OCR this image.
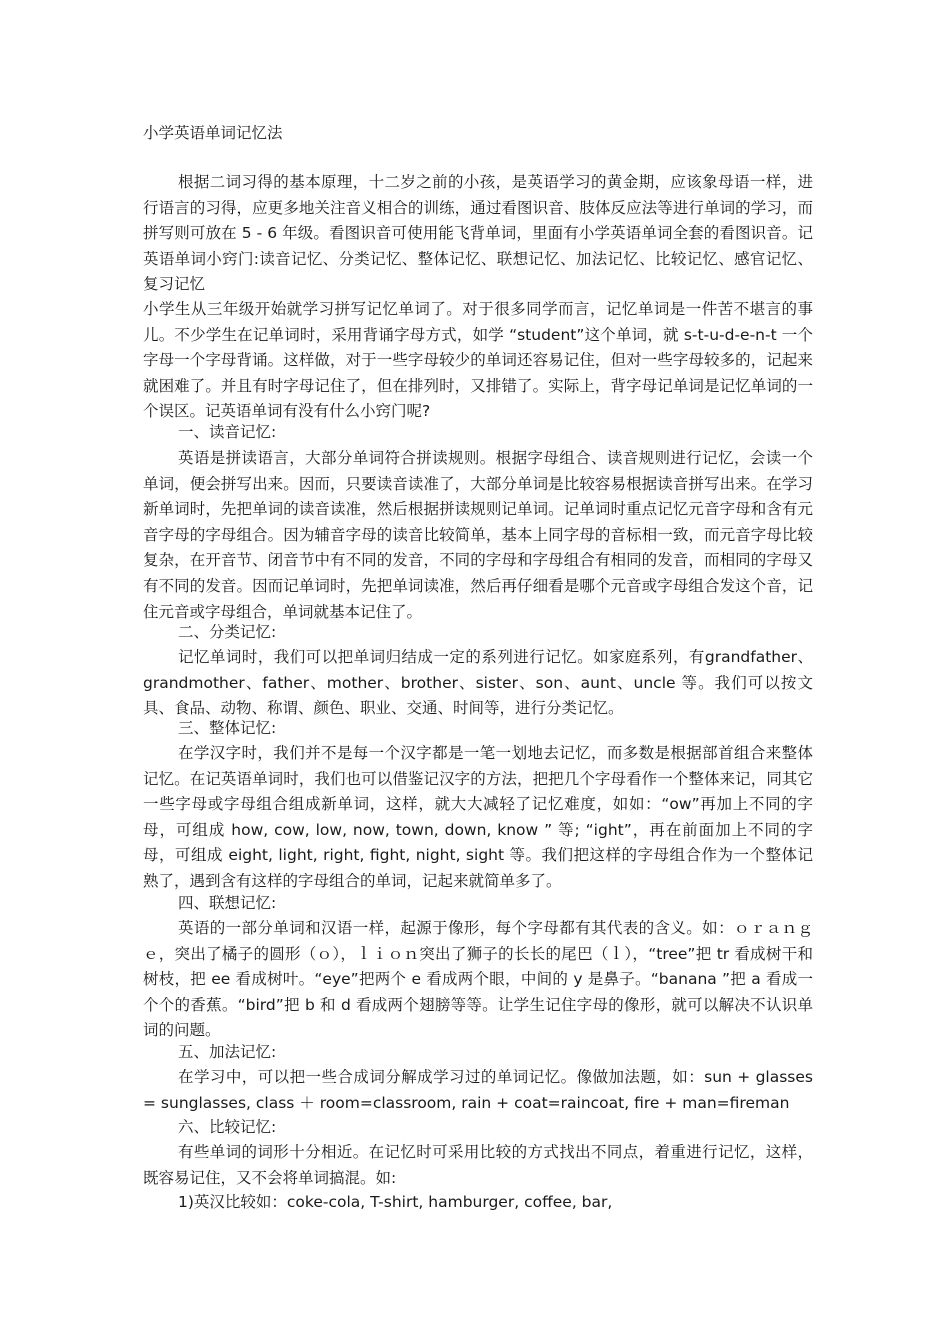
小学英语单词记忆法

根据二词习得的基本原理，十二岁之前的小孩，是英语学习的黄金期，应该象母语一样，进行语言的习得，应更多地关注音义相合的训练，通过看图识音、肢体反应法等进行单词的学习，而拼写则可放在 5 - 6 年级。看图识音可使用能飞背单词，里面有小学英语单词全套的看图识音。记英语单词小窍门:读音记忆、分类记忆、整体记忆、联想记忆、加法记忆、比较记忆、感官记忆、复习记忆

小学生从三年级开始就学习拼写记忆单词了。对于很多同学而言，记忆单词是一件苦不堪言的事儿。不少学生在记单词时，采用背诵字母方式，如学 “student”这个单词，就 s-t-u-d-e-n-t 一个字母一个字母背诵。这样做，对于一些字母较少的单词还容易记住，但对一些字母较多的，记起来就困难了。并且有时字母记住了，但在排列时，又排错了。实际上，背字母记单词是记忆单词的一个误区。记英语单词有没有什么小窍门呢?

一、读音记忆:

英语是拼读语言，大部分单词符合拼读规则。根据字母组合、读音规则进行记忆，会读一个单词，便会拼写出来。因而，只要读音读准了，大部分单词是比较容易根据读音拼写出来。在学习新单词时，先把单词的读音读准，然后根据拼读规则记单词。记单词时重点记忆元音字母和含有元音字母的字母组合。因为辅音字母的读音比较简单，基本上同字母的音标相一致，而元音字母比较复杂，在开音节、闭音节中有不同的发音，不同的字母和字母组合有相同的发音，而相同的字母又有不同的发音。因而记单词时，先把单词读准，然后再仔细看是哪个元音或字母组合发这个音，记住元音或字母组合，单词就基本记住了。

二、分类记忆:

记忆单词时，我们可以把单词归结成一定的系列进行记忆。如家庭系列，有grandfather、grandmother、father、mother、brother、sister、son、aunt、uncle 等。我们可以按文具、食品、动物、称谓、颜色、职业、交通、时间等，进行分类记忆。

三、整体记忆:

在学汉字时，我们并不是每一个汉字都是一笔一划地去记忆，而多数是根据部首组合来整体记忆。在记英语单词时，我们也可以借鉴记汉字的方法，把把几个字母看作一个整体来记，同其它一些字母或字母组合组成新单词，这样，就大大减轻了记忆难度，如如：“ow”再加上不同的字母，可组成 how, cow, low, now, town, down, know ” 等; “ight”，再在前面加上不同的字母，可组成 eight, light, right, fight, night, sight 等。我们把这样的字母组合作为一个整体记熟了，遇到含有这样的字母组合的单词，记起来就简单多了。

四、联想记忆:

英语的一部分单词和汉语一样，起源于像形，每个字母都有其代表的含义。如：ｏｒａｎｇｅ，突出了橘子的圆形（ｏ），ｌｉｏｎ突出了狮子的长长的尾巴（ｌ），“tree”把 tr 看成树干和树枝，把 ee 看成树叶。“eye”把两个 e 看成两个眼，中间的 y 是鼻子。“banana ”把 a 看成一个个的香蕉。“bird”把 b 和 d 看成两个翅膀等等。让学生记住字母的像形，就可以解决不认识单词的问题。

五、加法记忆:

在学习中，可以把一些合成词分解成学习过的单词记忆。像做加法题，如：sun + glasses = sunglasses, class ＋ room=classroom, rain + coat=raincoat, fire + man=fireman

六、比较记忆:

有些单词的词形十分相近。在记忆时可采用比较的方式找出不同点，着重进行记忆，这样，既容易记住，又不会将单词搞混。如:

1)英汉比较如：coke-cola, T-shirt, hamburger, coffee, bar,
